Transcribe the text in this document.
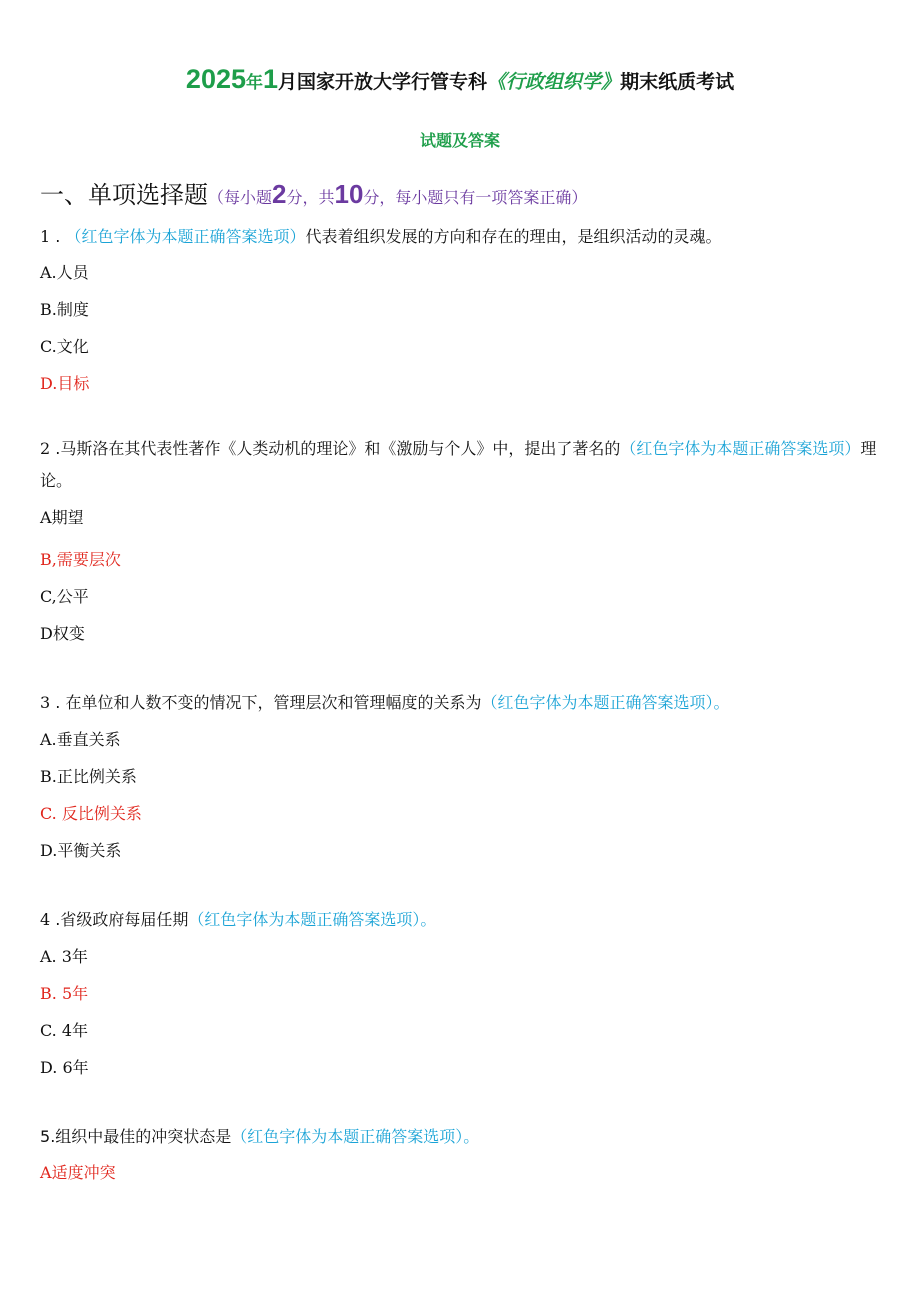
2025年1月国家开放大学行管专科《行政组织学》期末纸质考试
试题及答案
一、单项选择题（每小题2分，共10分，每小题只有一项答案正确）
1 . （红色字体为本题正确答案选项）代表着组织发展的方向和存在的理由，是组织活动的灵魂。
A.人员
B.制度
C.文化
D.目标
2 .马斯洛在其代表性著作《人类动机的理论》和《激励与个人》中，提出了著名的（红色字体为本题正确答案选项）理论。
A期望
B,需要层次
C,公平
D权变
3 . 在单位和人数不变的情况下，管理层次和管理幅度的关系为（红色字体为本题正确答案选项）。
A.垂直关系
B.正比例关系
C. 反比例关系
D.平衡关系
4 .省级政府每届任期（红色字体为本题正确答案选项）。
A. 3年
B. 5年
C. 4年
D. 6年
5.组织中最佳的冲突状态是（红色字体为本题正确答案选项）。
A适度冲突
